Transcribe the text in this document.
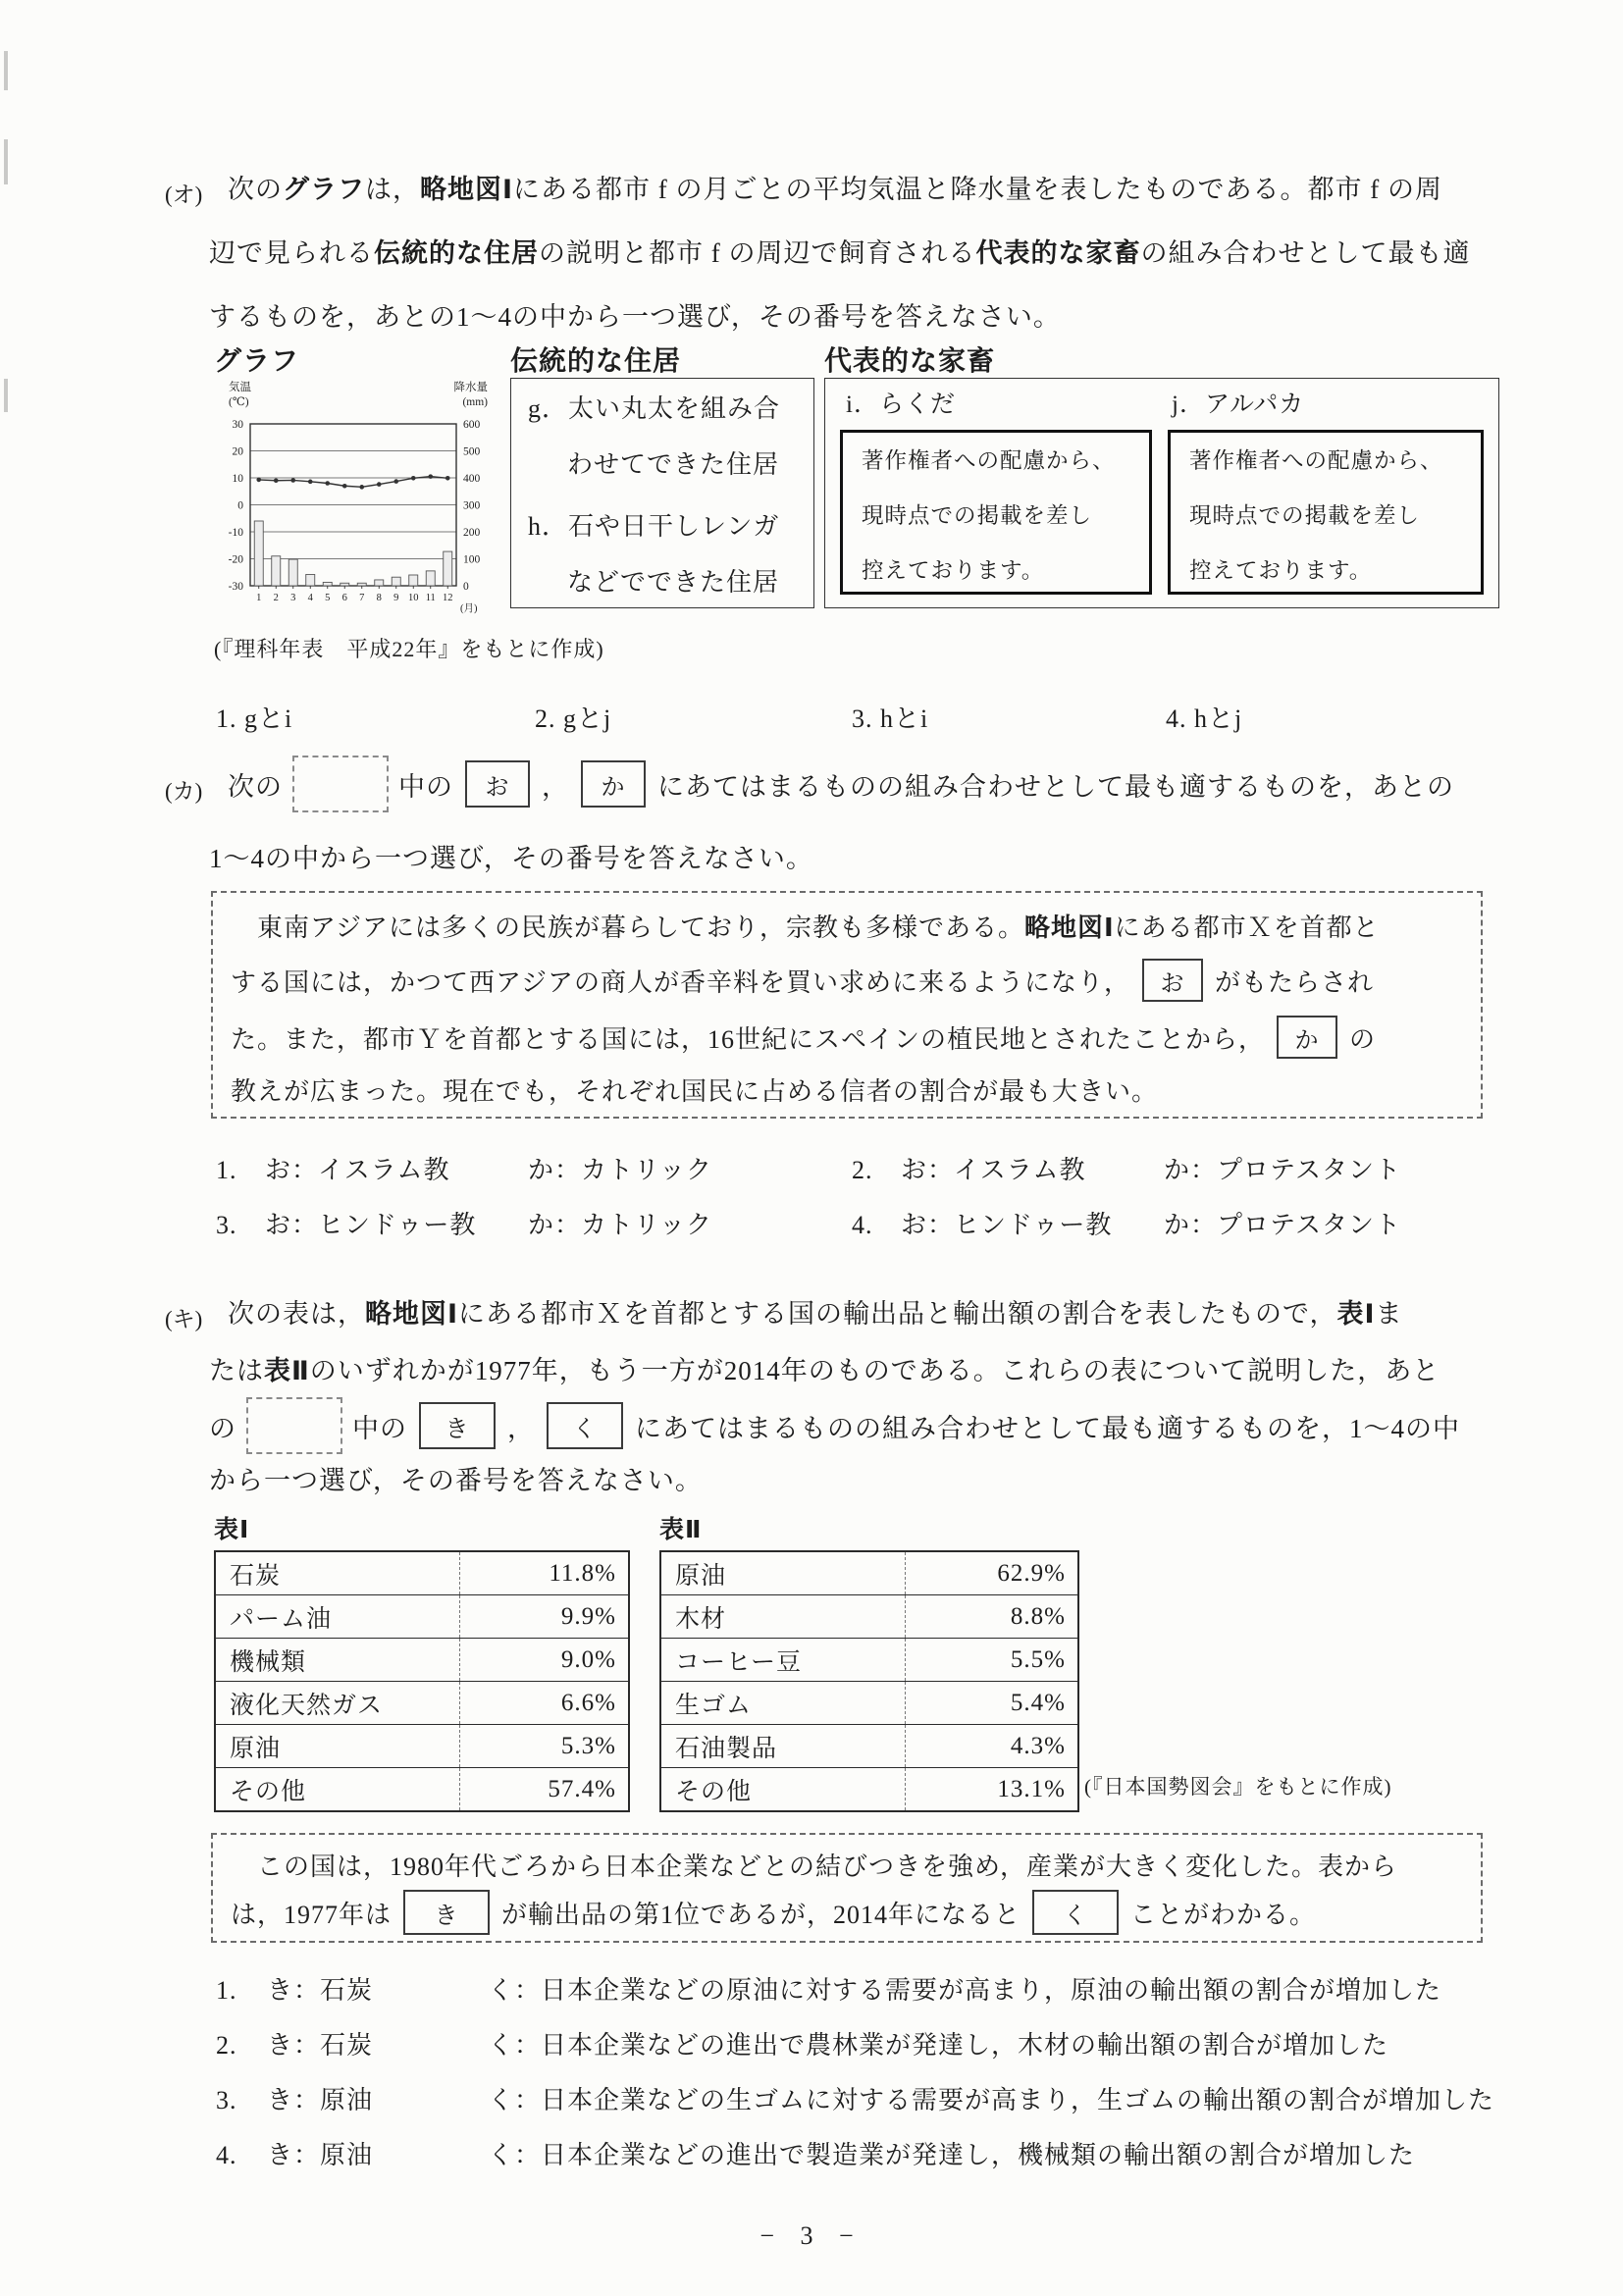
(オ) 次のグラフは，略地図Ⅰにある都市 f の月ごとの平均気温と降水量を表したものである。都市 f の周
辺で見られる伝統的な住居の説明と都市 f の周辺で飼育される代表的な家畜の組み合わせとして最も適
するものを，あとの1～4の中から一つ選び，その番号を答えなさい。
グラフ	伝統的な住居	代表的な家畜
30
20
10
0
-10
-20
-30
600
500
400
300
200
100
0
1 2 3 4 5 6 7 8 9 10 11 12
(月)
気温
(℃)
降水量
(mm)
(『理科年表　平成22年』をもとに作成)
g．太い丸太を組み合
わせてできた住居
h．石や日干しレンガ
などでできた住居
i．らくだ	j．アルパカ
著作権者への配慮から、
現時点での掲載を差し
控えております。
著作権者への配慮から、
現時点での掲載を差し
控えております。
1. gとi	2. gとj	3. hとi	4. hとj
(カ) 次の	中の	お	，	か	にあてはまるものの組み合わせとして最も適するものを，あとの
1～4の中から一つ選び，その番号を答えなさい。
　東南アジアには多くの民族が暮らしており，宗教も多様である。略地図Ⅰにある都市Ｘを首都と
する国には，かつて西アジアの商人が香辛料を買い求めに来るようになり，	お	がもたらされ
た。また，都市Ｙを首都とする国には，16世紀にスペインの植民地とされたことから，	か	の
教えが広まった。現在でも，それぞれ国民に占める信者の割合が最も大きい。
1. お：イスラム教	か：カトリック	2. お：イスラム教	か：プロテスタント
3. お：ヒンドゥー教 か：カトリック	4. お：ヒンドゥー教 か：プロテスタント
(キ) 次の表は，略地図Ⅰにある都市Ｘを首都とする国の輸出品と輸出額の割合を表したもので，表Ⅰま
たは表Ⅱのいずれかが1977年，もう一方が2014年のものである。これらの表について説明した，あと
の	中の	き	，	く	にあてはまるものの組み合わせとして最も適するものを，1～4の中
から一つ選び，その番号を答えなさい。
表Ⅰ	表Ⅱ
石炭	11.8%
パーム油	9.9%
機械類	9.0%
液化天然ガス	6.6%
原油	5.3%
その他	57.4%
原油	62.9%
木材	8.8%
コーヒー豆	5.5%
生ゴム	5.4%
石油製品	4.3%
その他	13.1% (『日本国勢図会』をもとに作成)
　この国は，1980年代ごろから日本企業などとの結びつきを強め，産業が大きく変化した。表から
は，1977年は	き	が輸出品の第1位であるが，2014年になると	く	ことがわかる。
1. き：石炭	く：日本企業などの原油に対する需要が高まり，原油の輸出額の割合が増加した
2. き：石炭	く：日本企業などの進出で農林業が発達し，木材の輸出額の割合が増加した
3. き：原油	く：日本企業などの生ゴムに対する需要が高まり，生ゴムの輸出額の割合が増加した
4. き：原油	く：日本企業などの進出で製造業が発達し，機械類の輸出額の割合が増加した
− 3 −
